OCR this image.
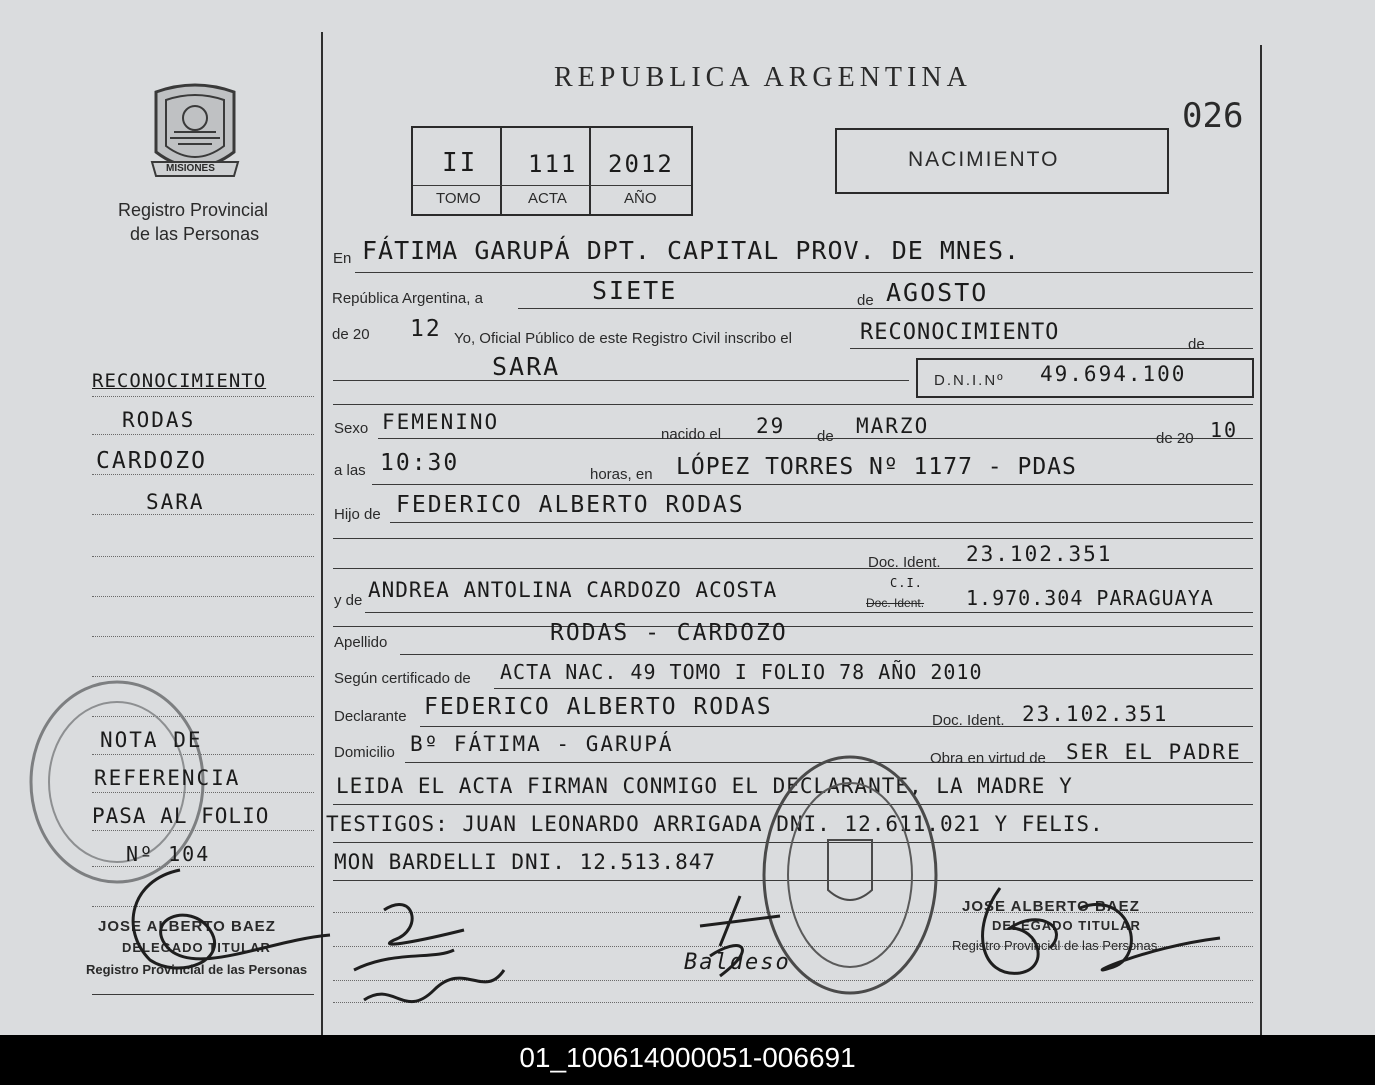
MISIONES
Registro Provincial
de las Personas
REPUBLICA ARGENTINA
026
II 111 2012
TOMO	ACTA	AÑO
NACIMIENTO
RECONOCIMIENTO
RODAS
CARDOZO
SARA
NOTA DE
REFERENCIA
PASA AL FOLIO
Nº 104
JOSE ALBERTO BAEZ
DELEGADO TITULAR
Registro Provincial de las Personas
En FÁTIMA GARUPÁ DPT. CAPITAL PROV. DE MNES.
República Argentina, a	SIETE	de AGOSTO
de 20 12 Yo, Oficial Público de este Registro Civil inscribo el	RECONOCIMIENTO	de
SARA	D.N.I.Nº 49.694.100
Sexo FEMENINO
nacido el 29 de MARZO
de 20 10
a las 10:30	horas, en LÓPEZ TORRES Nº 1177 - PDAS
Hijo de FEDERICO ALBERTO RODAS
Doc. Ident. 23.102.351
y de ANDREA ANTOLINA CARDOZO ACOSTA	C.I.
Doc. Ident. 1.970.304 PARAGUAYA
Apellido	RODAS - CARDOZO
Según certificado de ACTA NAC. 49 TOMO I FOLIO 78 AÑO 2010
Declarante FEDERICO ALBERTO RODAS
Doc. Ident. 23.102.351
Domicilio Bº FÁTIMA - GARUPÁ
Obra en virtud de SER EL PADRE
LEIDA EL ACTA FIRMAN CONMIGO EL DECLARANTE, LA MADRE Y
TESTIGOS: JUAN LEONARDO ARRIGADA DNI. 12.611.021 Y FELIS.
MON BARDELLI DNI. 12.513.847
Baldeso
JOSE ALBERTO BAEZ
DELEGADO TITULAR
Registro Provincial de las Personas
01_100614000051-006691
